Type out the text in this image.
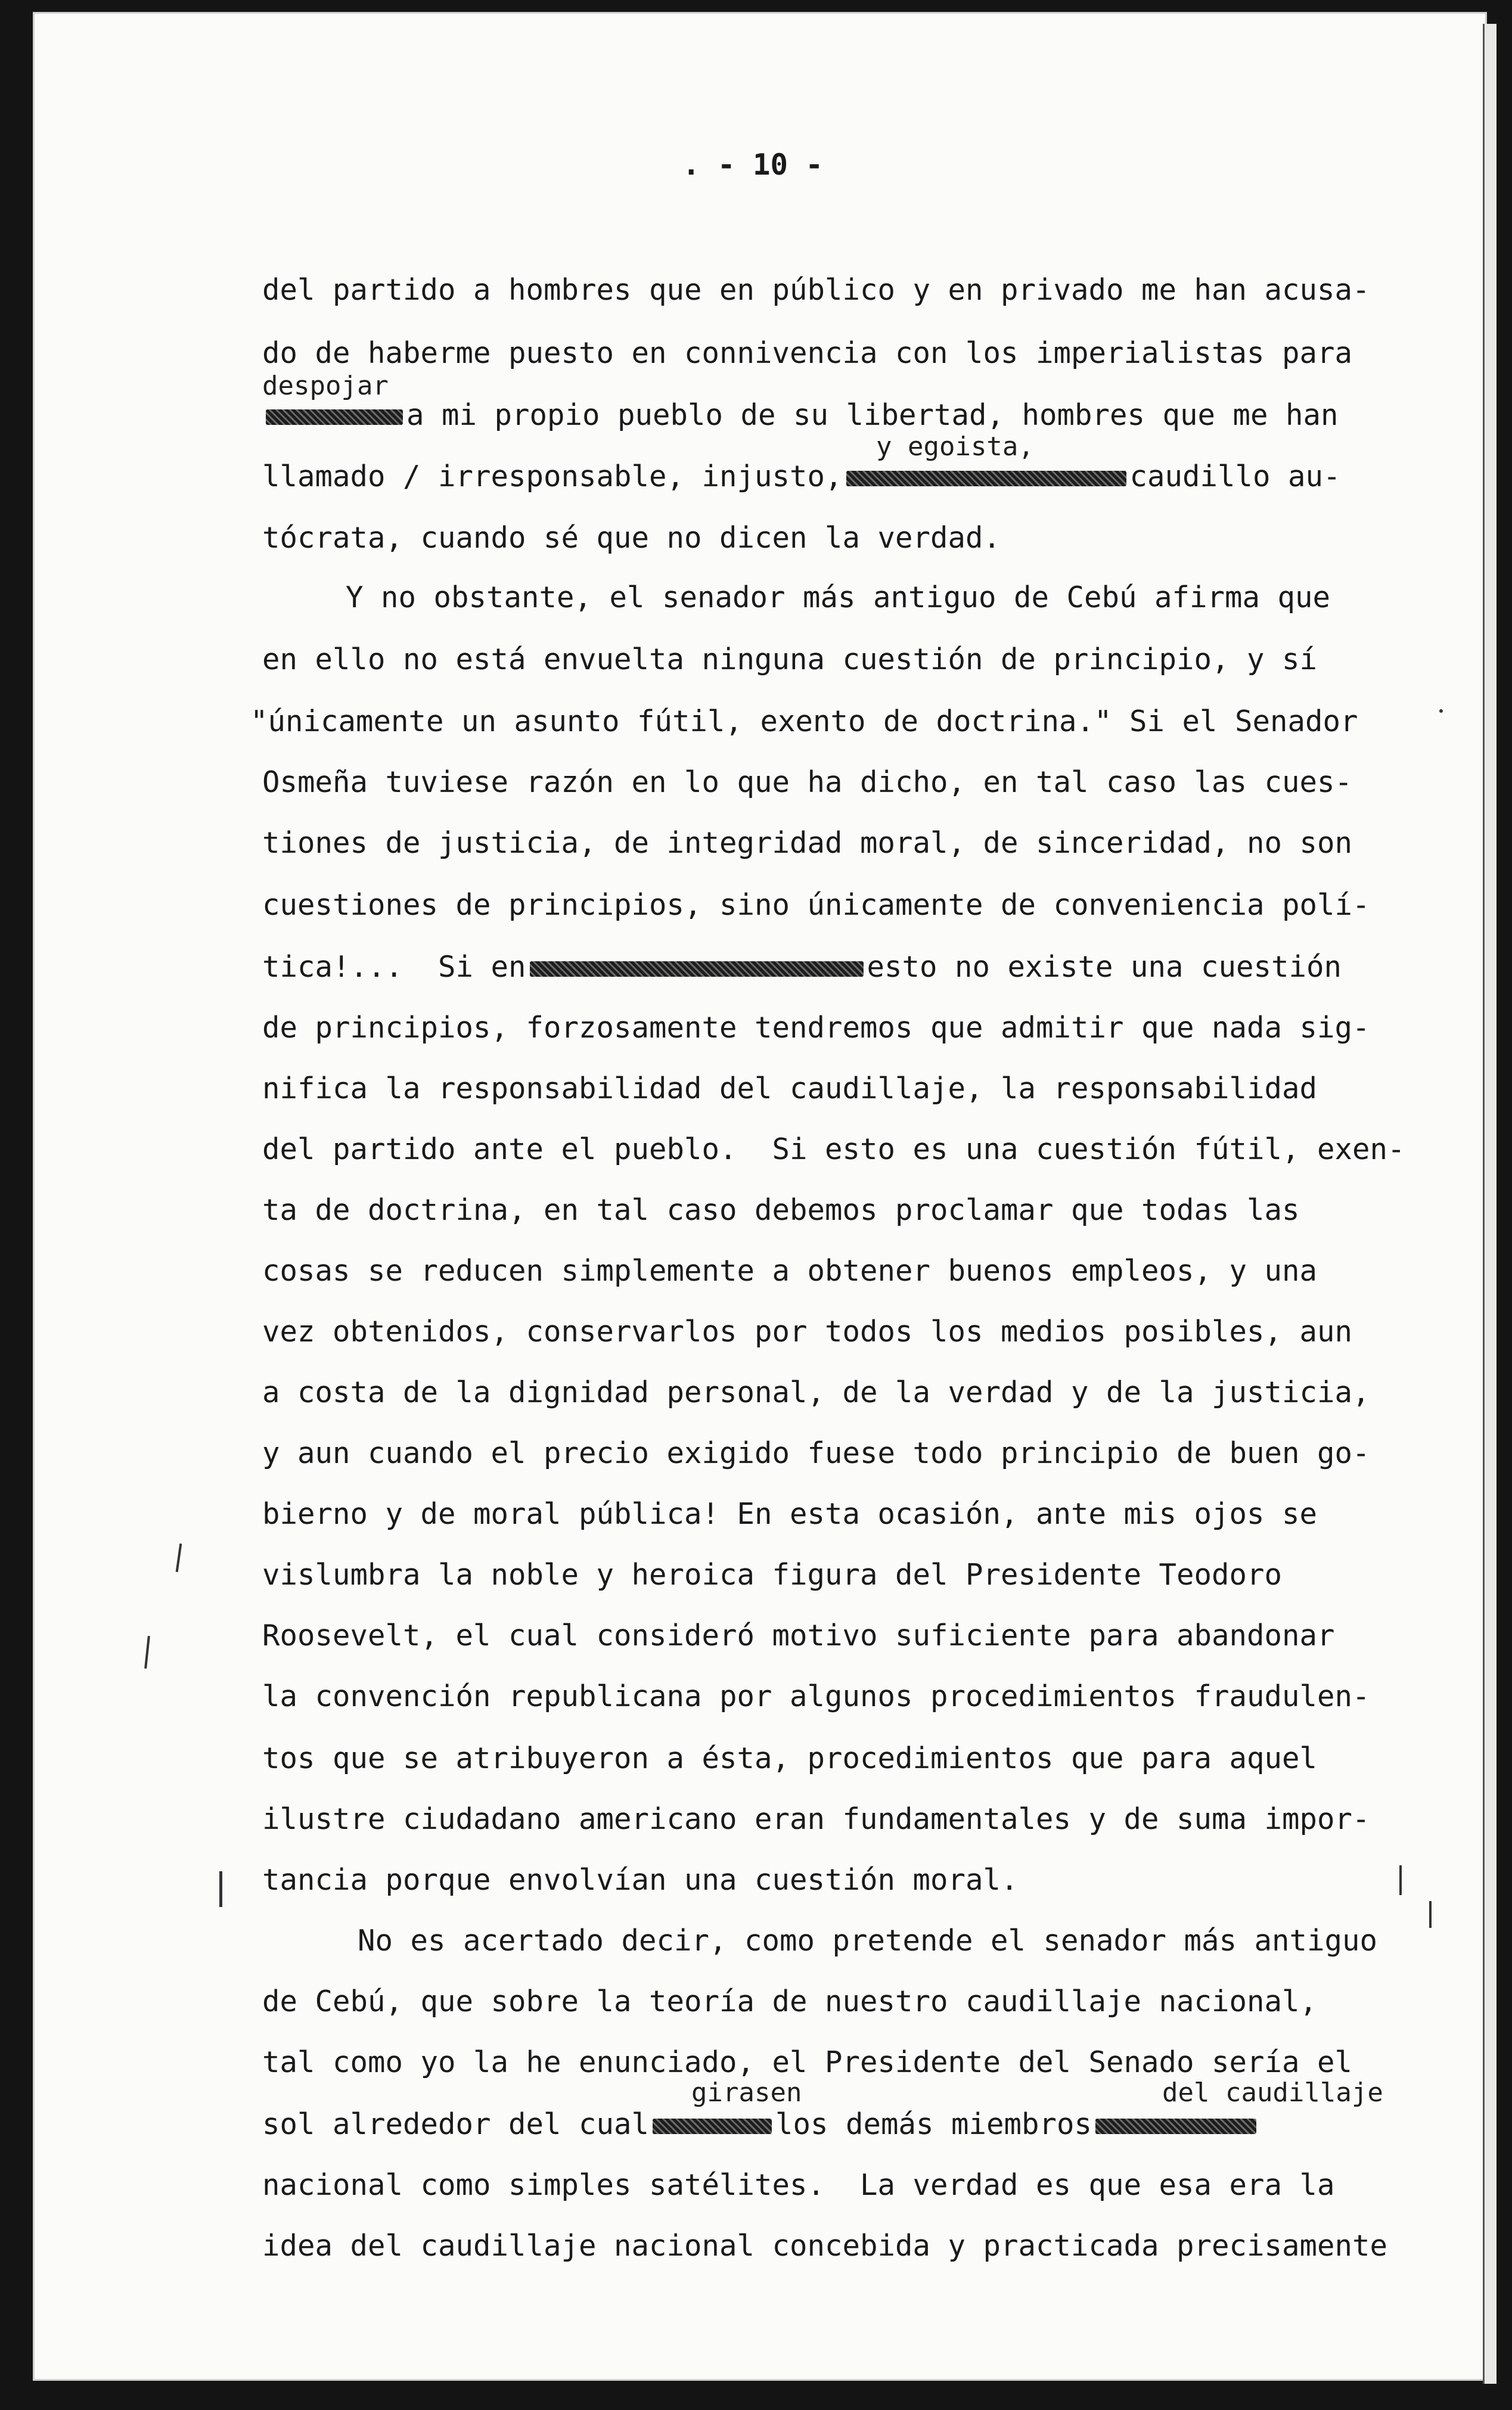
. - 10 -
del partido a hombres que en público y en privado me han acusa-
do de haberme puesto en connivencia con los imperialistas para
despojar
a mi propio pueblo de su libertad, hombres que me han
y egoista,
llamado / irresponsable, injusto,	caudillo au-
tócrata, cuando sé que no dicen la verdad.
Y no obstante, el senador más antiguo de Cebú afirma que
en ello no está envuelta ninguna cuestión de principio, y sí
"únicamente un asunto fútil, exento de doctrina." Si el Senador
Osmeña tuviese razón en lo que ha dicho, en tal caso las cues-
tiones de justicia, de integridad moral, de sinceridad, no son
cuestiones de principios, sino únicamente de conveniencia polí-
tica!...  Si en	esto no existe una cuestión
de principios, forzosamente tendremos que admitir que nada sig-
nifica la responsabilidad del caudillaje, la responsabilidad
del partido ante el pueblo.  Si esto es una cuestión fútil, exen-
ta de doctrina, en tal caso debemos proclamar que todas las
cosas se reducen simplemente a obtener buenos empleos, y una
vez obtenidos, conservarlos por todos los medios posibles, aun
a costa de la dignidad personal, de la verdad y de la justicia,
y aun cuando el precio exigido fuese todo principio de buen go-
bierno y de moral pública! En esta ocasión, ante mis ojos se
vislumbra la noble y heroica figura del Presidente Teodoro
Roosevelt, el cual consideró motivo suficiente para abandonar
la convención republicana por algunos procedimientos fraudulen-
tos que se atribuyeron a ésta, procedimientos que para aquel
ilustre ciudadano americano eran fundamentales y de suma impor-
tancia porque envolvían una cuestión moral.
No es acertado decir, como pretende el senador más antiguo
de Cebú, que sobre la teoría de nuestro caudillaje nacional,
tal como yo la he enunciado, el Presidente del Senado sería el
girasen	del caudillaje
sol alrededor del cual	los demás miembros
nacional como simples satélites.  La verdad es que esa era la
idea del caudillaje nacional concebida y practicada precisamente
